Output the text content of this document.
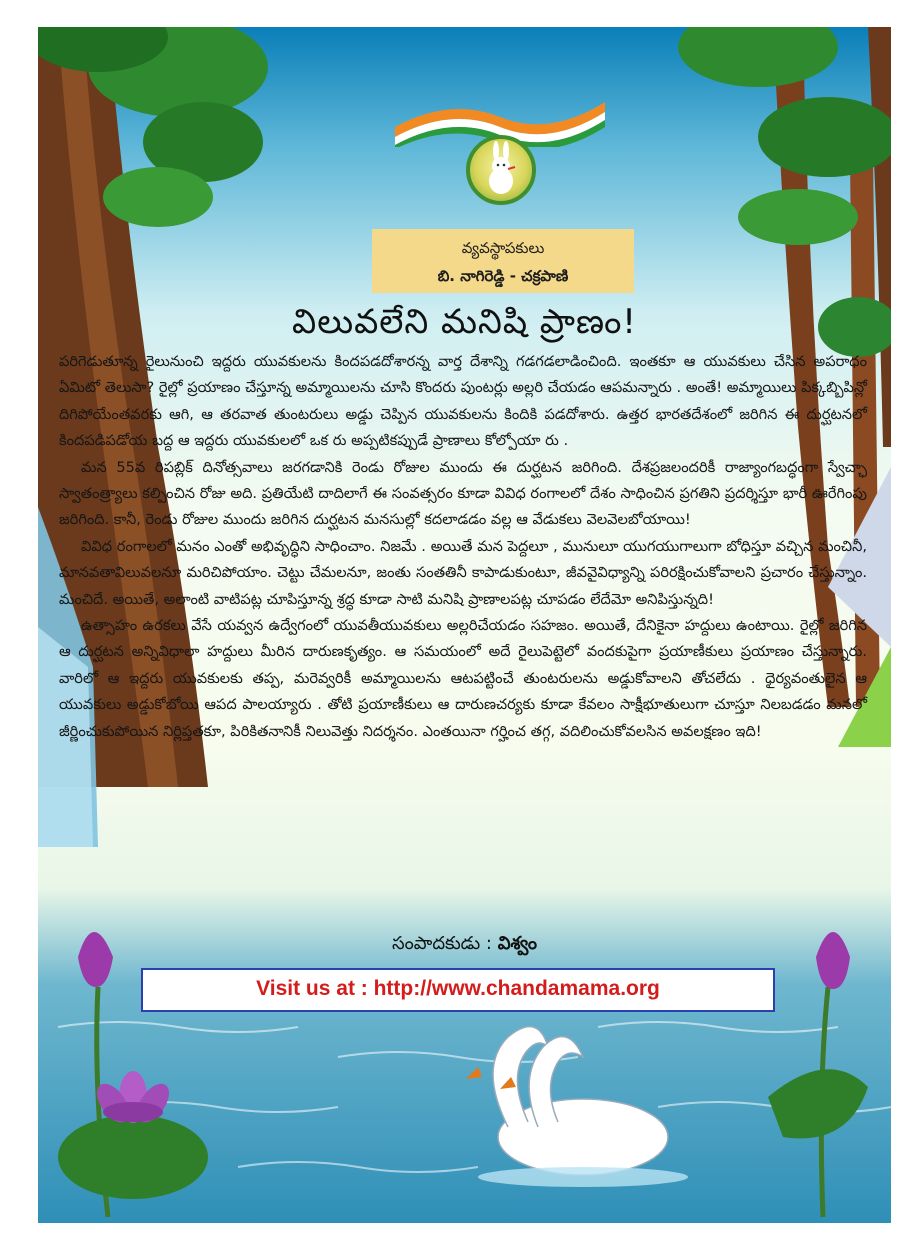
వ్యవస్థాపకులు
బి. నాగిరెడ్డి - చక్రపాణి
విలువలేని మనిషి ప్రాణం!

పరిగెడుతూన్న రైలునుంచి ఇద్దరు యువకులను కిందపడదోశారన్న వార్త దేశాన్ని గడగడలాడించింది. ఇంతకూ ఆ యువకులు చేసిన అపరాధం ఏమిటో తెలుసా? రైల్లో ప్రయాణం చేస్తూన్న అమ్మాయిలను చూసి కొందరు పుంటర్లు అల్లరి చేయడం ఆపమన్నారు . అంతే! అమ్మాయిలు పిక్కబ్బిపిన్లో దిగిపోయేంతవరకు ఆగి, ఆ తరవాత తుంటరులు అడ్డు చెప్పిన యువకులను కిందికి పడదోశారు. ఉత్తర భారతదేశంలో జరిగిన ఈ దుర్ఘటనలో కిందపడిపడోయ బద్ద ఆ ఇద్దరు యువకులలో ఒక రు అప్పటికప్పుడే ప్రాణాలు కోల్పోయా రు .

మన 55వ రిపబ్లిక్ దినోత్సవాలు జరగడానికి రెండు రోజుల ముందు ఈ దుర్ఘటన జరిగింది. దేశప్రజలందరికీ రాజ్యాంగబద్ధంగా స్వేచ్ఛా స్వాతంత్ర్యాలు కల్పించిన రోజు అది. ప్రతియేటి దాదిలాగే ఈ సంవత్సరం కూడా వివిధ రంగాలలో దేశం సాధించిన ప్రగతిని ప్రదర్శిస్తూ భారీ ఊరేగింపు జరిగింది. కానీ, రెండు రోజుల ముందు జరిగిన దుర్ఘటన మనసుల్లో కదలాడడం వల్ల ఆ వేడుకలు వెలవెలబోయాయి!

వివిధ రంగాలలో మనం ఎంతో అభివృద్ధిని సాధించాం. నిజమే . అయితే మన పెద్దలూ , మునులూ యుగయుగాలుగా బోధిస్తూ వచ్చిన మంచినీ, మానవతావిలువలనూ మరిచిపోయాం. చెట్టు చేమలనూ, జంతు సంతతినీ కాపాడుకుంటూ, జీవవైవిధ్యాన్ని పరిరక్షించుకోవాలని ప్రచారం చేస్తున్నాం. మంచిదే. అయితే, అలాంటి వాటిపట్ల చూపిస్తూన్న శ్రద్ధ కూడా సాటి మనిషి ప్రాణాలపట్ల చూపడం లేదేమో అనిపిస్తున్నది!

ఉత్సాహం ఉరకలు వేసే యవ్వన ఉద్వేగంలో యువతీయువకులు అల్లరిచేయడం సహజం. అయితే, దేనికైనా హద్దులు ఉంటాయి. రైల్లో జరిగిన ఆ దుర్ఘటన అన్నివిధాలా హద్దులు మీరిన దారుణకృత్యం. ఆ సమయంలో అదే రైలుపెట్టెలో వందకుపైగా ప్రయాణీకులు ప్రయాణం చేస్తున్నారు. వారిలో ఆ ఇద్దరు యువకులకు తప్ప, మరెవ్వరికీ అమ్మాయిలను ఆటపట్టించే తుంటరులను అడ్డుకోవాలని తోచలేదు . ధైర్యవంతులైన ఆ యువకులు అడ్డుకోబోయి ఆపద పాలయ్యారు . తోటి ప్రయాణీకులు ఆ దారుణచర్యకు కూడా కేవలం సాక్షీభూతులుగా చూస్తూ నిలబడడం మనలో జీర్ణించుకుపోయిన నిర్లిప్తతకూ, పిరికితనానికీ నిలువెత్తు నిదర్శనం. ఎంతయినా గర్హించ తగ్గ, వదిలించుకోవలసిన అవలక్షణం ఇది!

సంపాదకుడు : విశ్వం
Visit us at : http://www.chandamama.org
